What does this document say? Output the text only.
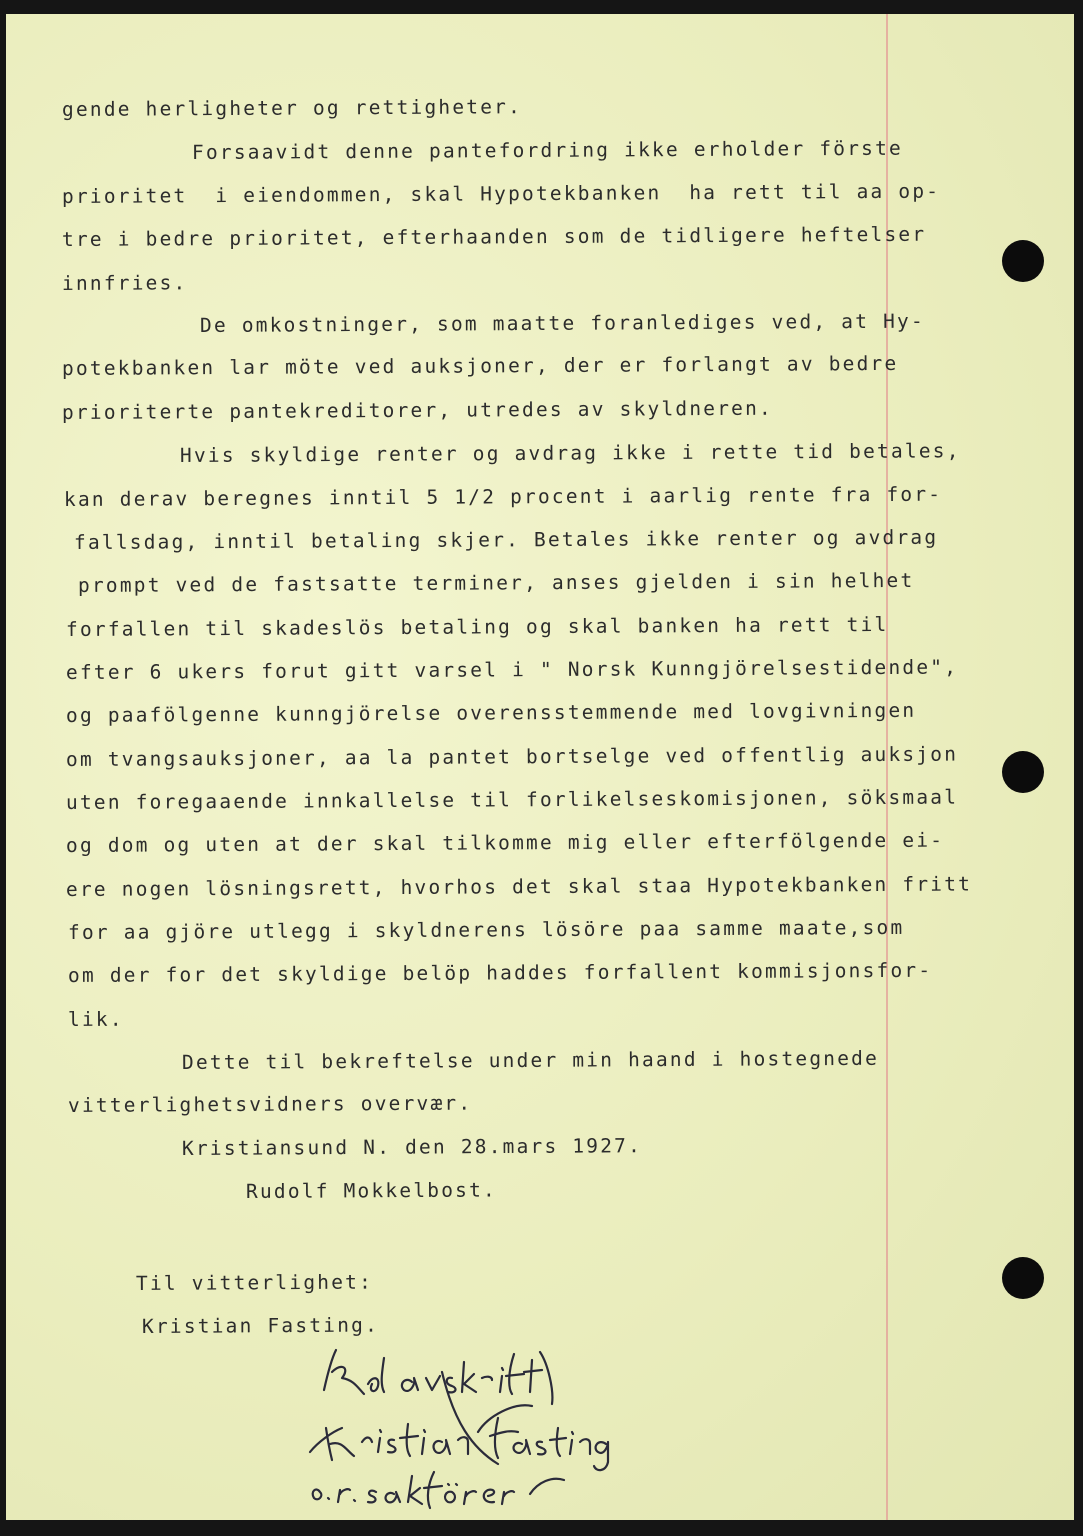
gende herligheter og rettigheter.
Forsaavidt denne pantefordring ikke erholder förste
prioritet  i eiendommen, skal Hypotekbanken  ha rett til aa op-
tre i bedre prioritet, efterhaanden som de tidligere heftelser
innfries.
De omkostninger, som maatte foranlediges ved, at Hy-
potekbanken lar möte ved auksjoner, der er forlangt av bedre
prioriterte pantekreditorer, utredes av skyldneren.
Hvis skyldige renter og avdrag ikke i rette tid betales,
kan derav beregnes inntil 5 1/2 procent i aarlig rente fra for-
fallsdag, inntil betaling skjer. Betales ikke renter og avdrag
prompt ved de fastsatte terminer, anses gjelden i sin helhet
forfallen til skadeslös betaling og skal banken ha rett til
efter 6 ukers forut gitt varsel i " Norsk Kunngjörelsestidende",
og paafölgenne kunngjörelse overensstemmende med lovgivningen
om tvangsauksjoner, aa la pantet bortselge ved offentlig auksjon
uten foregaaende innkallelse til forlikelseskomisjonen, söksmaal
og dom og uten at der skal tilkomme mig eller efterfölgende ei-
ere nogen lösningsrett, hvorhos det skal staa Hypotekbanken fritt
for aa gjöre utlegg i skyldnerens lösöre paa samme maate,som
om der for det skyldige belöp haddes forfallent kommisjonsfor-
lik.
Dette til bekreftelse under min haand i hostegnede
vitterlighetsvidners overvær.
Kristiansund N. den 28.mars 1927.
Rudolf Mokkelbost.
Til vitterlighet:
Kristian Fasting.
